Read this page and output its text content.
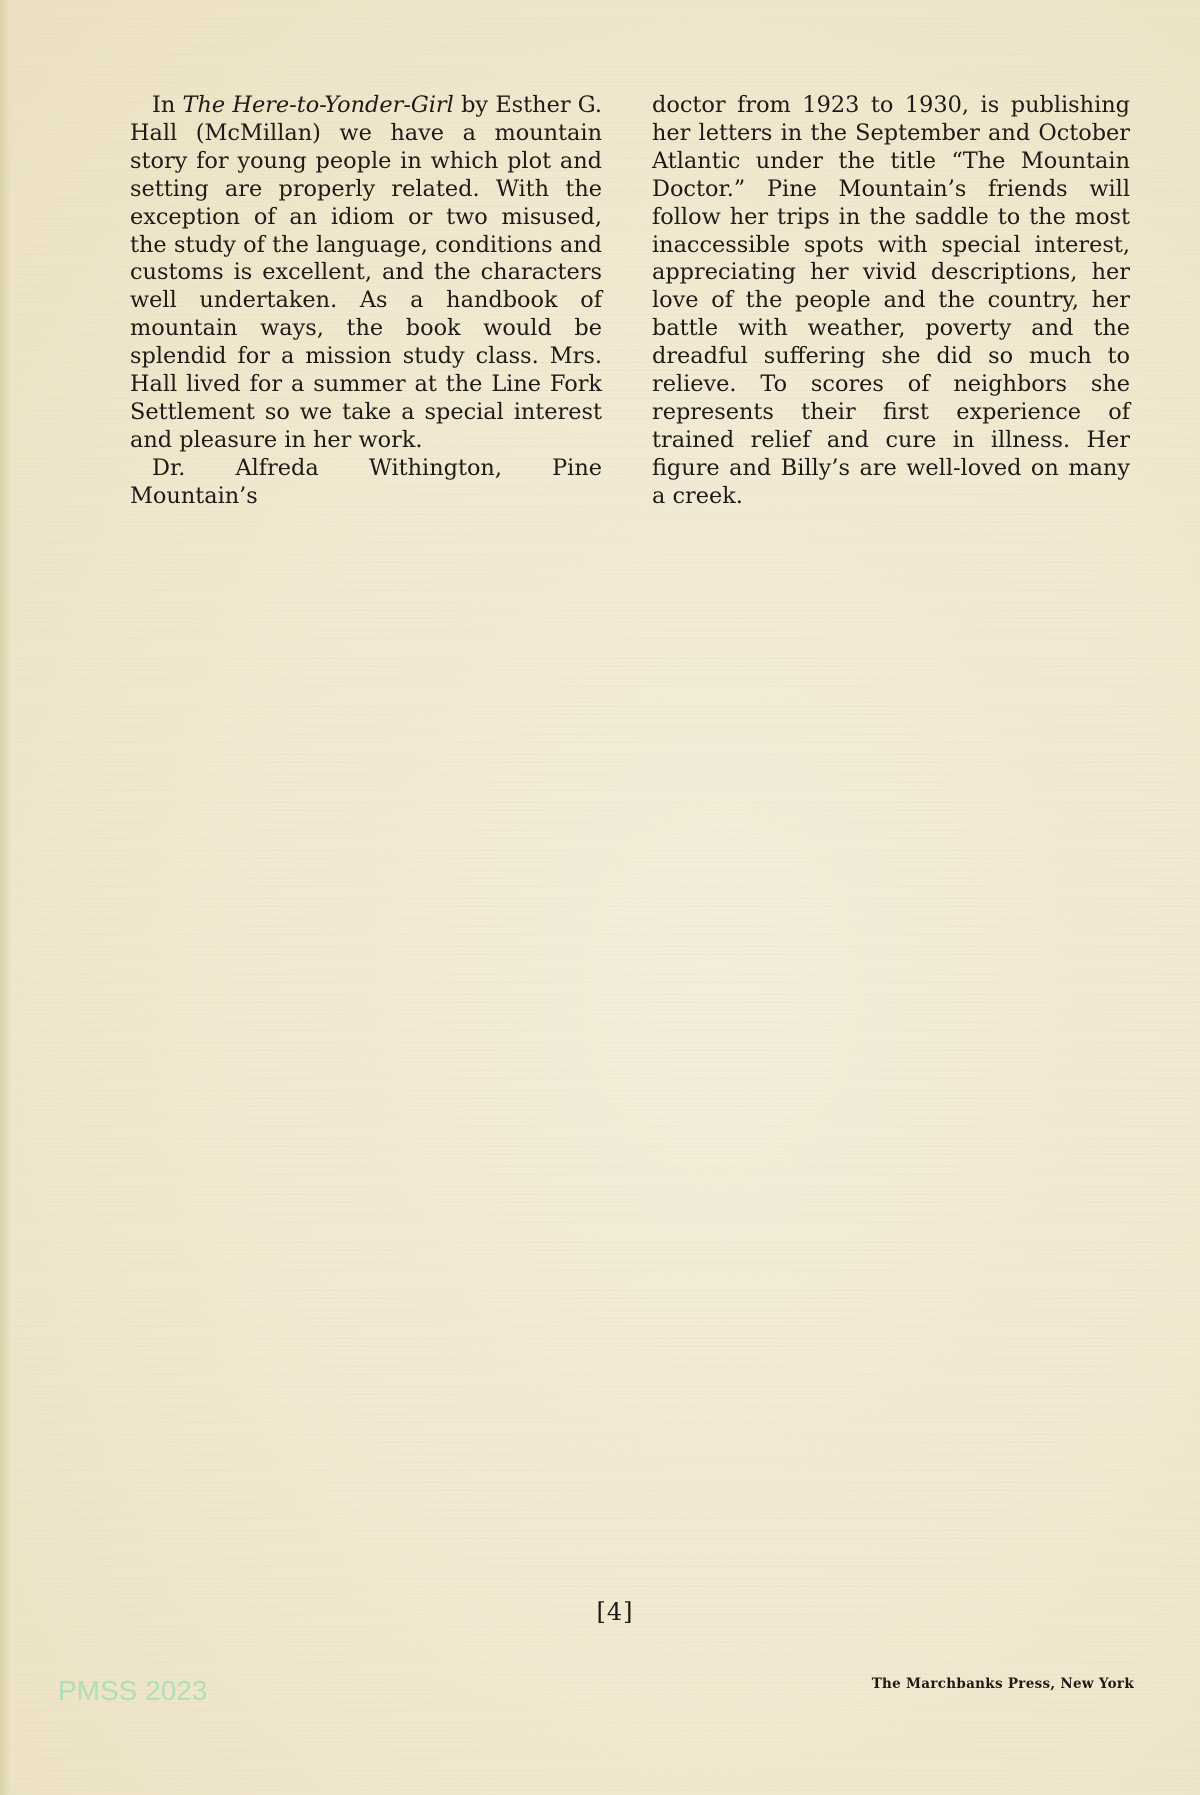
In The Here-to-Yonder-Girl by Esther G. Hall (McMillan) we have a mountain story for young people in which plot and setting are properly related. With the exception of an idiom or two misused, the study of the language, conditions and customs is excellent, and the characters well undertaken. As a handbook of mountain ways, the book would be splendid for a mission study class. Mrs. Hall lived for a summer at the Line Fork Settlement so we take a special interest and pleasure in her work.

Dr. Alfreda Withington, Pine Mountain’s

doctor from 1923 to 1930, is publishing her letters in the September and October Atlantic under the title “The Mountain Doctor.” Pine Mountain’s friends will follow her trips in the saddle to the most inaccessible spots with special interest, appreciating her vivid descriptions, her love of the people and the country, her battle with weather, poverty and the dreadful suffering she did so much to relieve. To scores of neighbors she represents their first experience of trained relief and cure in illness. Her figure and Billy’s are well-loved on many a creek.

[4]
The Marchbanks Press, New York
PMSS 2023
